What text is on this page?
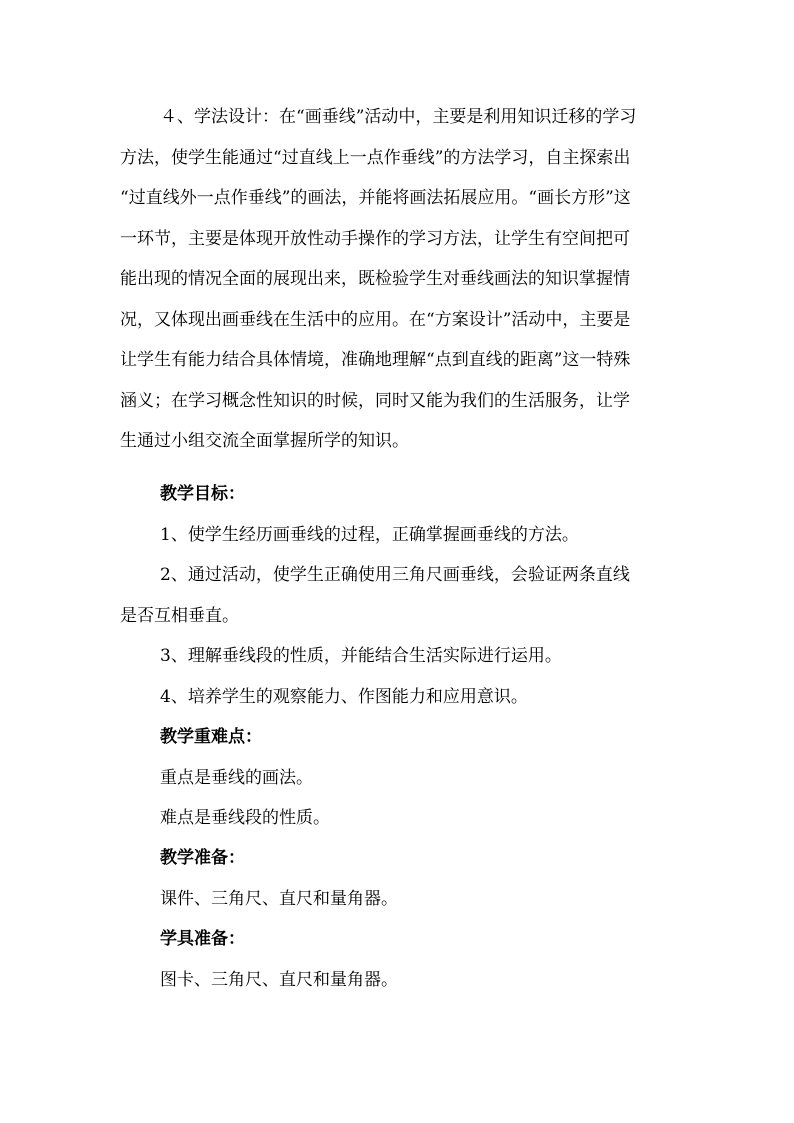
４、学法设计：在“画垂线”活动中，主要是利用知识迁移的学习
方法，使学生能通过“过直线上一点作垂线”的方法学习，自主探索出
“过直线外一点作垂线”的画法，并能将画法拓展应用。“画长方形”这
一环节，主要是体现开放性动手操作的学习方法，让学生有空间把可
能出现的情况全面的展现出来，既检验学生对垂线画法的知识掌握情
况，又体现出画垂线在生活中的应用。在“方案设计”活动中，主要是
让学生有能力结合具体情境，准确地理解“点到直线的距离”这一特殊
涵义；在学习概念性知识的时候，同时又能为我们的生活服务，让学
生通过小组交流全面掌握所学的知识。
教学目标：
1、使学生经历画垂线的过程，正确掌握画垂线的方法。
2、通过活动，使学生正确使用三角尺画垂线，会验证两条直线
是否互相垂直。
3、理解垂线段的性质，并能结合生活实际进行运用。
4、培养学生的观察能力、作图能力和应用意识。
教学重难点：
重点是垂线的画法。
难点是垂线段的性质。
教学准备：
课件、三角尺、直尺和量角器。
学具准备：
图卡、三角尺、直尺和量角器。
